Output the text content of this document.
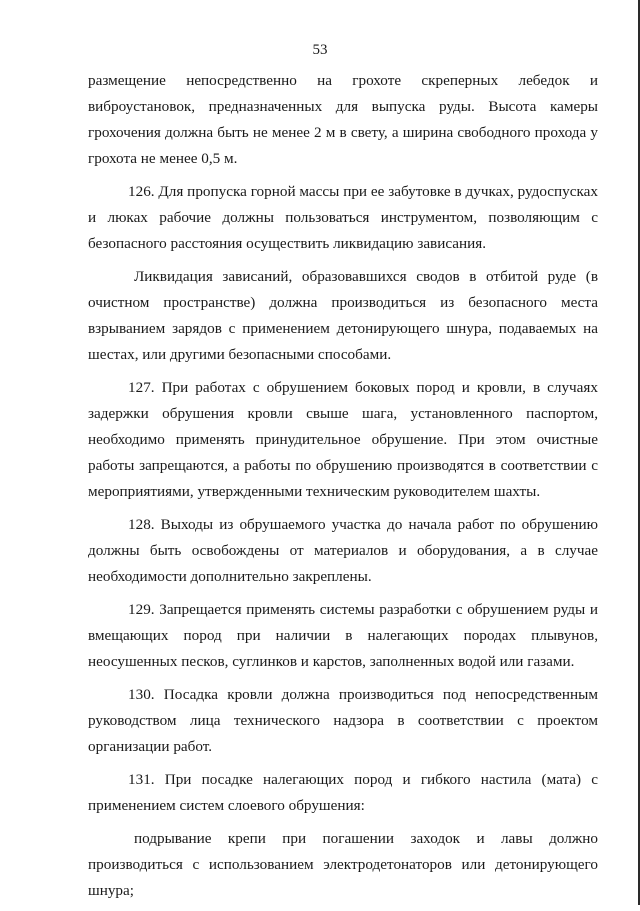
53

размещение непосредственно на грохоте скреперных лебедок и виброустановок, предназначенных для выпуска руды. Высота камеры грохочения должна быть не менее 2 м в свету, а ширина свободного прохода у грохота не менее 0,5 м.

126. Для пропуска горной массы при ее забутовке в дучках, рудоспусках и люках рабочие должны пользоваться инструментом, позволяющим с безопасного расстояния осуществить ликвидацию зависания.

Ликвидация зависаний, образовавшихся сводов в отбитой руде (в очистном пространстве) должна производиться из безопасного места взрыванием зарядов с применением детонирующего шнура, подаваемых на шестах, или другими безопасными способами.

127. При работах с обрушением боковых пород и кровли, в случаях задержки обрушения кровли свыше шага, установленного паспортом, необходимо применять принудительное обрушение. При этом очистные работы запрещаются, а работы по обрушению производятся в соответствии с мероприятиями, утвержденными техническим руководителем шахты.

128. Выходы из обрушаемого участка до начала работ по обрушению должны быть освобождены от материалов и оборудования, а в случае необходимости дополнительно закреплены.

129. Запрещается применять системы разработки с обрушением руды и вмещающих пород при наличии в налегающих породах плывунов, неосушенных песков, суглинков и карстов, заполненных водой или газами.

130. Посадка кровли должна производиться под непосредственным руководством лица технического надзора в соответствии с проектом организации работ.

131. При посадке налегающих пород и гибкого настила (мата) с применением систем слоевого обрушения:

подрывание крепи при погашении заходок и лавы должно производиться с использованием электродетонаторов или детонирующего шнура;
